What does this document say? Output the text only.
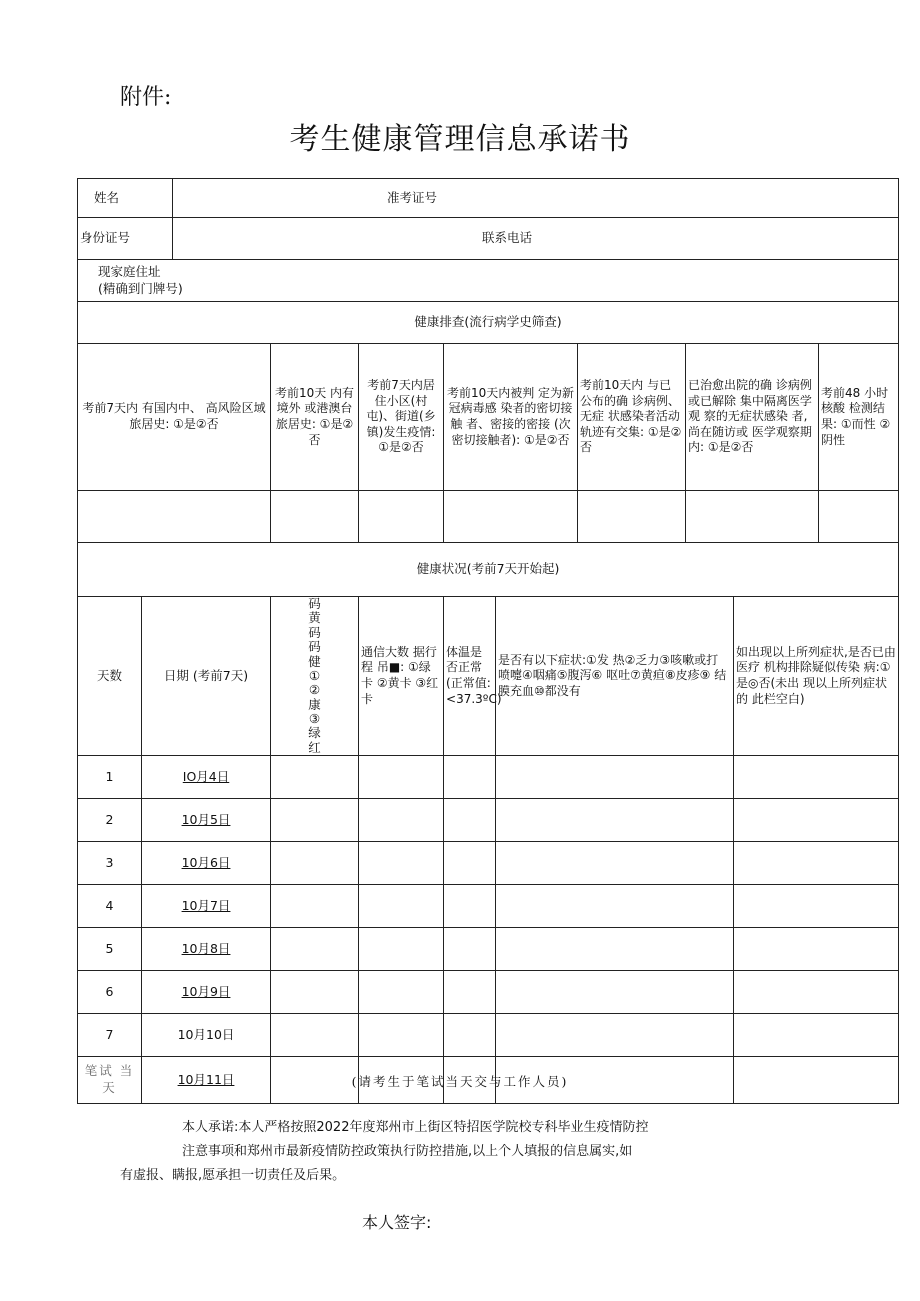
附件:
考生健康管理信息承诺书
姓名		准考证号								
身份证号		联系电话								

现家庭住址
(精确到门牌号)										

健康排查(流行病学史筛查)										
考前7天内 有国内中、 高风险区域旅居史: ①是②否			考前10天 内有境外 或港澳台 旅居史: ①是②否	考前7天内居 住小区(村 屯)、街道(乡 镇)发生疫情: ①是②否	考前10天内被判 定为新冠病毒感 染者的密切接触 者、密接的密接 (次密切接触者): ①是②否		考前10天内 与已公布的确 诊病例、无症 状感染者活动 轨迹有交集: ①是②否	已治愈出院的确 诊病例或已解除 集中隔离医学观 察的无症状感染 者,尚在随访或 医学观察期内: ①是②否		考前48 小时核酸 检测结果: ①而性 ②阴性

健康状况(考前7天开始起)										
天数	日期 (考前7天)		码黄码码健①②康③绿红	通信大数 据行程 吊■: ①绿卡 ②黄卡 ③红卡	体温是否正常(正常值:<37.3ºC)	是否有以下症状:①发 热②乏力③咳嗽或打 喷嚏④咽痛⑤腹泻⑥ 呕吐⑦黄疸⑧皮疹⑨ 结膜充血⑩都没有			如出现以上所列症状,是否已由医疗 机构排除疑似传染 病:①是◎否(未出 现以上所列症状的 此栏空白)	
1	IO月4日									
2	10月5日									
3	10月6日									
4	10月7日									
5	10月8日									
6	10月9日									
7	10月10日									
笔试 当天	10月11日										(请考生于笔试当天交与工作人员)
本人承诺:本人严格按照2022年度郑州市上街区特招医学院校专科毕业生疫情防控
注意事项和郑州市最新疫情防控政策执行防控措施,以上个人填报的信息属实,如
有虚报、瞒报,愿承担一切责任及后果。
本人签字:
